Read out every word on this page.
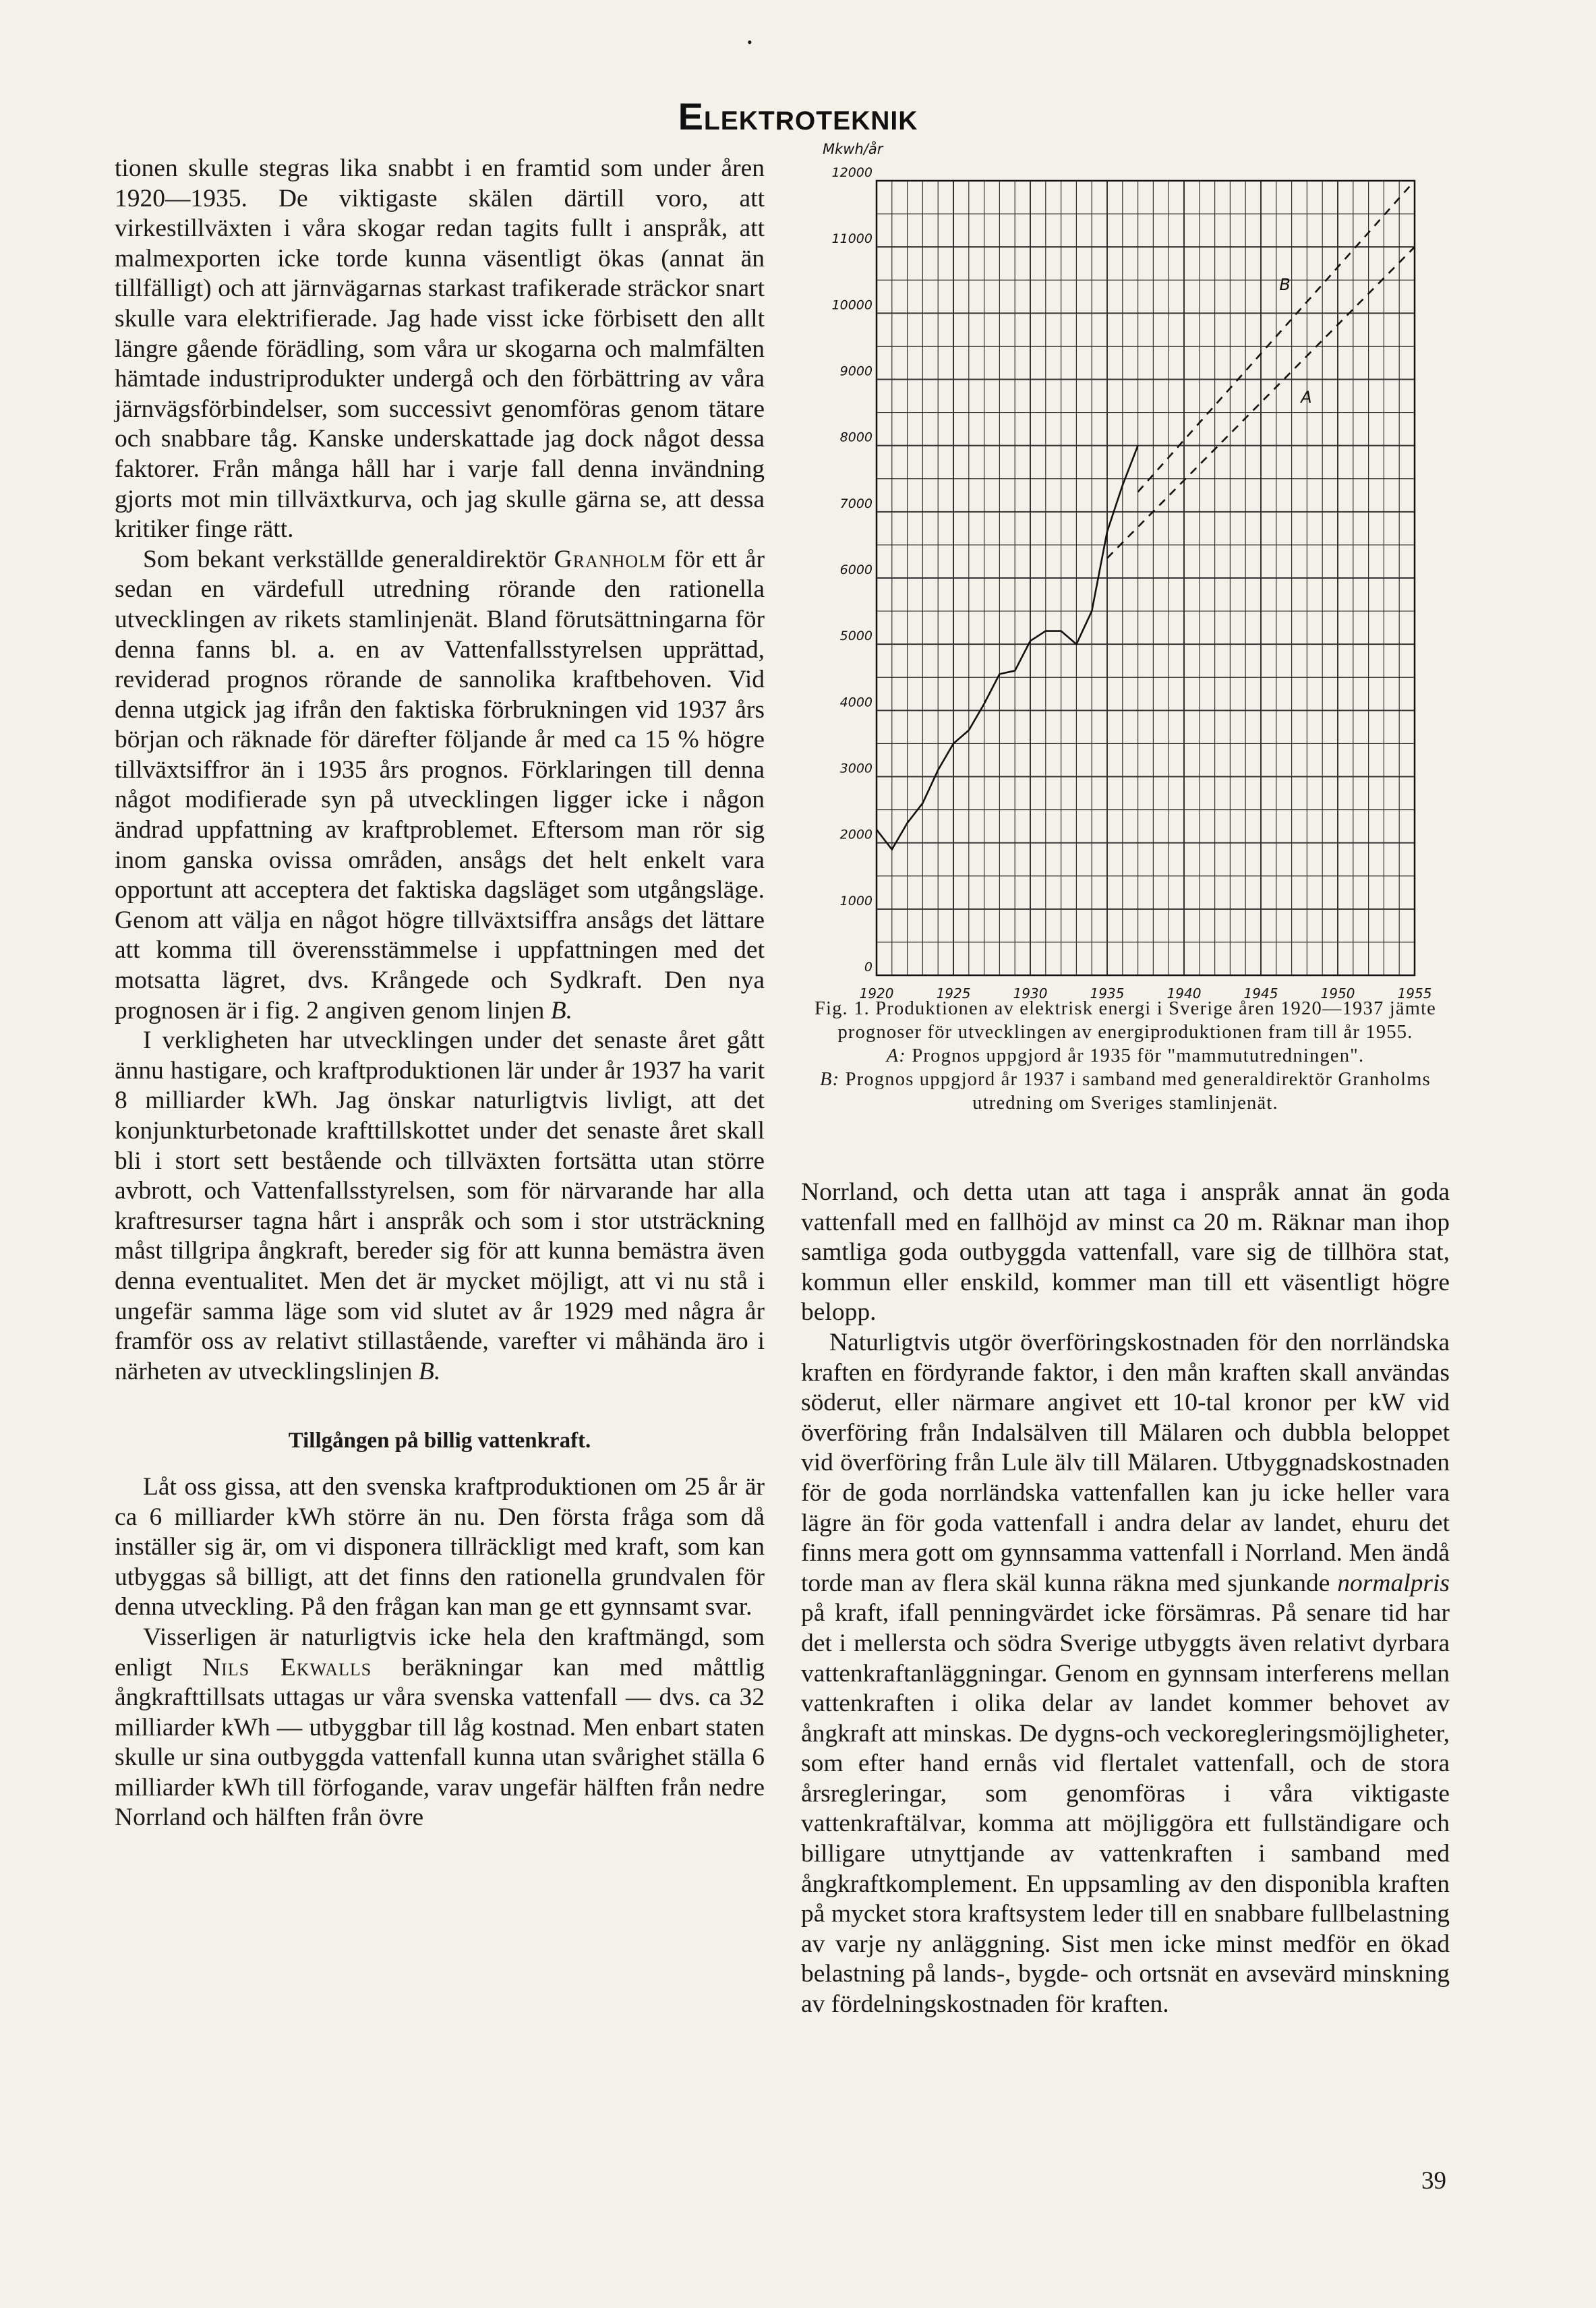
•
Elektroteknik

tionen skulle stegras lika snabbt i en framtid som under åren 1920—1935. De viktigaste skälen därtill voro, att virkestillväxten i våra skogar redan tagits fullt i anspråk, att malmexporten icke torde kunna väsentligt ökas (annat än tillfälligt) och att järnvägarnas starkast trafikerade sträckor snart skulle vara elektrifierade. Jag hade visst icke förbisett den allt längre gående förädling, som våra ur skogarna och malmfälten hämtade industriprodukter undergå och den förbättring av våra järnvägsförbindelser, som successivt genomföras genom tätare och snabbare tåg. Kanske underskattade jag dock något dessa faktorer. Från många håll har i varje fall denna invändning gjorts mot min tillväxtkurva, och jag skulle gärna se, att dessa kritiker finge rätt.

Som bekant verkställde generaldirektör Granholm för ett år sedan en värdefull utredning rörande den rationella utvecklingen av rikets stamlinjenät. Bland förutsättningarna för denna fanns bl. a. en av Vattenfallsstyrelsen upprättad, reviderad prognos rörande de sannolika kraftbehoven. Vid denna utgick jag ifrån den faktiska förbrukningen vid 1937 års början och räknade för därefter följande år med ca 15 % högre tillväxtsiffror än i 1935 års prognos. Förklaringen till denna något modifierade syn på utvecklingen ligger icke i någon ändrad uppfattning av kraftproblemet. Eftersom man rör sig inom ganska ovissa områden, ansågs det helt enkelt vara opportunt att acceptera det faktiska dagsläget som utgångsläge. Genom att välja en något högre tillväxtsiffra ansågs det lättare att komma till överensstämmelse i uppfattningen med det motsatta lägret, dvs. Krångede och Sydkraft. Den nya prognosen är i fig. 2 angiven genom linjen B.

I verkligheten har utvecklingen under det senaste året gått ännu hastigare, och kraftproduktionen lär under år 1937 ha varit 8 milliarder kWh. Jag önskar naturligtvis livligt, att det konjunkturbetonade krafttillskottet under det senaste året skall bli i stort sett bestående och tillväxten fortsätta utan större avbrott, och Vattenfallsstyrelsen, som för närvarande har alla kraftresurser tagna hårt i anspråk och som i stor utsträckning måst tillgripa ångkraft, bereder sig för att kunna bemästra även denna eventualitet. Men det är mycket möjligt, att vi nu stå i ungefär samma läge som vid slutet av år 1929 med några år framför oss av relativt stillastående, varefter vi måhända äro i närheten av utvecklingslinjen B.

Tillgången på billig vattenkraft.

Låt oss gissa, att den svenska kraftproduktionen om 25 år är ca 6 milliarder kWh större än nu. Den första fråga som då inställer sig är, om vi disponera tillräckligt med kraft, som kan utbyggas så billigt, att det finns den rationella grundvalen för denna utveckling. På den frågan kan man ge ett gynnsamt svar.

Visserligen är naturligtvis icke hela den kraftmängd, som enligt Nils Ekwalls beräkningar kan med måttlig ångkrafttillsats uttagas ur våra svenska vattenfall — dvs. ca 32 milliarder kWh — utbyggbar till låg kostnad. Men enbart staten skulle ur sina outbyggda vattenfall kunna utan svårighet ställa 6 milliarder kWh till förfogande, varav ungefär hälften från nedre Norrland och hälften från övre

0
1000
2000
3000
4000
5000
6000
7000
8000
9000
10000
11000
12000
1920	1925	1930	1935	1940	1945	1950	1955
Mkwh/år
A
B
Fig. 1. Produktionen av elektrisk energi i Sverige åren 1920—1937 jämte prognoser för utvecklingen av energiproduktionen fram till år 1955.
A: Prognos uppgjord år 1935 för "mammututredningen".
B: Prognos uppgjord år 1937 i samband med generaldirektör Granholms utredning om Sveriges stamlinjenät.

Norrland, och detta utan att taga i anspråk annat än goda vattenfall med en fallhöjd av minst ca 20 m. Räknar man ihop samtliga goda outbyggda vattenfall, vare sig de tillhöra stat, kommun eller enskild, kommer man till ett väsentligt högre belopp.

Naturligtvis utgör överföringskostnaden för den norrländska kraften en fördyrande faktor, i den mån kraften skall användas söderut, eller närmare angivet ett 10-tal kronor per kW vid överföring från Indalsälven till Mälaren och dubbla beloppet vid överföring från Lule älv till Mälaren. Utbyggnadskostnaden för de goda norrländska vattenfallen kan ju icke heller vara lägre än för goda vattenfall i andra delar av landet, ehuru det finns mera gott om gynnsamma vattenfall i Norrland. Men ändå torde man av flera skäl kunna räkna med sjunkande normalpris på kraft, ifall penningvärdet icke försämras. På senare tid har det i mellersta och södra Sverige utbyggts även relativt dyrbara vattenkraftanläggningar. Genom en gynnsam interferens mellan vattenkraften i olika delar av landet kommer behovet av ångkraft att minskas. De dygns-och veckoregleringsmöjligheter, som efter hand ernås vid flertalet vattenfall, och de stora årsregleringar, som genomföras i våra viktigaste vattenkraftälvar, komma att möjliggöra ett fullständigare och billigare utnyttjande av vattenkraften i samband med ångkraftkomplement. En uppsamling av den disponibla kraften på mycket stora kraftsystem leder till en snabbare fullbelastning av varje ny anläggning. Sist men icke minst medför en ökad belastning på lands-, bygde- och ortsnät en avsevärd minskning av fördelningskostnaden för kraften.

39
